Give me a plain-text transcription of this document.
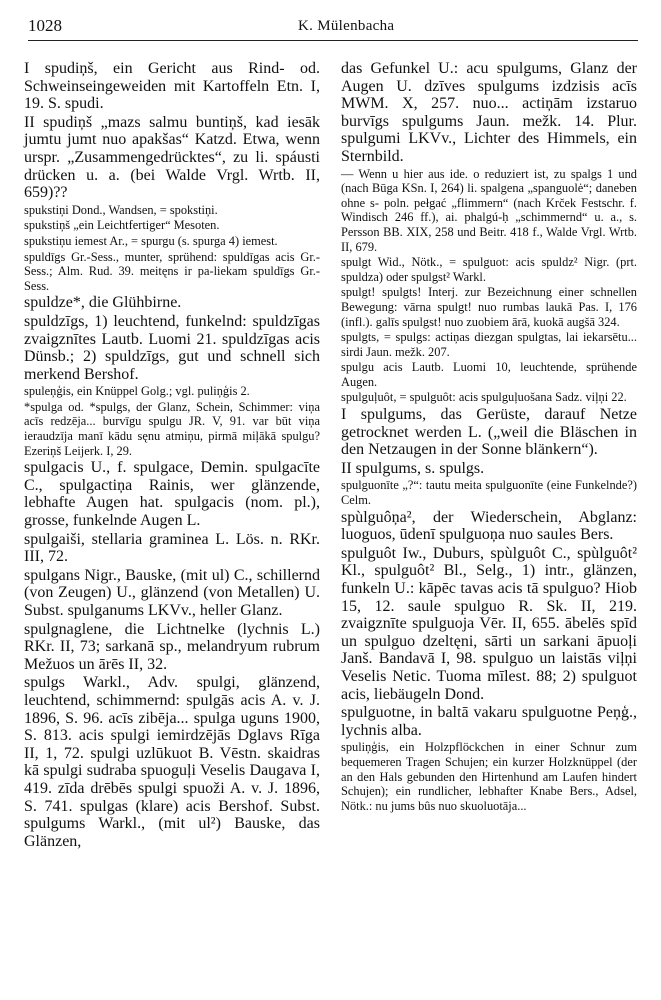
1028	K. Mülenbacha

I spudiņš, ein Gericht aus Rind- od. Schweinseingeweiden mit Kartoffeln Etn. I, 19. S. spudi.

II spudiņš „mazs salmu buntiņš, kad iesāk jumtu jumt nuo apakšas“ Katzd. Etwa, wenn urspr. „Zusammengedrücktes“, zu li. spáusti drücken u. a. (bei Walde Vrgl. Wrtb. II, 659)??

spukstiņi Dond., Wandsen, = spokstiņi.

spukstiņš „ein Leichtfertiger“ Mesoten.

spukstiņu iemest Ar., = spurgu (s. spurga 4) iemest.

spuldīgs Gr.-Sess., munter, sprühend: spuldīgas acis Gr.-Sess.; Alm. Rud. 39. meitęns ir pa-liekam spuldīgs Gr.-Sess.

spuldze*, die Glühbirne.

spuldzīgs, 1) leuchtend, funkelnd: spuldzīgas zvaigznītes Lautb. Luomi 21. spuldzīgas acis Dünsb.; 2) spuldzīgs, gut und schnell sich merkend Bershof.

spuleņģis, ein Knüppel Golg.; vgl. puliņģis 2.

*spulga od. *spulgs, der Glanz, Schein, Schimmer: viņa acīs redzēja... burvīgu spulgu JR. V, 91. var būt viņa ieraudzīja manī kādu sęnu atmiņu, pirmā miļākā spulgu? Ezeriņš Leijerk. I, 29.

spulgacis U., f. spulgace, Demin. spulgacīte C., spulgactiņa Rainis, wer glänzende, lebhafte Augen hat. spulgacis (nom. pl.), grosse, funkelnde Augen L.

spulgaiši, stellaria graminea L. Lös. n. RKr. III, 72.

spulgans Nigr., Bauske, (mit ul) C., schillernd (von Zeugen) U., glänzend (von Metallen) U. Subst. spulganums LKVv., heller Glanz.

spulgnaglene, die Lichtnelke (lychnis L.) RKr. II, 73; sarkanā sp., melandryum rubrum Mežuos un ārēs II, 32.

spulgs Warkl., Adv. spulgi, glänzend, leuchtend, schimmernd: spulgās acis A. v. J. 1896, S. 96. acīs zibēja... spulga uguns 1900, S. 813. acis spulgi iemirdzējās Dglavs Rīga II, 1, 72. spulgi uzlūkuot B. Vēstn. skaidras kā spulgi sudraba spuoguļi Veselis Daugava I, 419. zīda drēbēs spulgi spuoži A. v. J. 1896, S. 741. spulgas (klare) acis Bershof. Subst. spulgums Warkl., (mit ul²) Bauske, das Glänzen,

das Gefunkel U.: acu spulgums, Glanz der Augen U. dzīves spulgums izdzisis acīs MWM. X, 257. nuo... actiņām izstaruo burvīgs spulgums Jaun. mežk. 14. Plur. spulgumi LKVv., Lichter des Himmels, ein Sternbild.

— Wenn u hier aus ide. o reduziert ist, zu spalgs 1 und (nach Būga KSn. I, 264) li. spalgena „spanguolė“; daneben ohne s- poln. pełgać „flimmern“ (nach Krček Festschr. f. Windisch 246 ff.), ai. phalgú-ḥ „schimmernd“ u. a., s. Persson BB. XIX, 258 und Beitr. 418 f., Walde Vrgl. Wrtb. II, 679.

spulgt Wid., Nötk., = spulguot: acis spuldz² Nigr. (prt. spuldza) oder spulgst² Warkl.

spulgt! spulgts! Interj. zur Bezeichnung einer schnellen Bewegung: vārna spulgt! nuo rumbas laukā Pas. I, 176 (infl.). galīs spulgst! nuo zuobiem ārā, kuokā augšā 324.

spulgts, = spulgs: actiņas diezgan spulgtas, lai iekarsētu... sirdi Jaun. mežk. 207.

spulgu acis Lautb. Luomi 10, leuchtende, sprühende Augen.

spulguļuôt, = spulguôt: acis spulguļuošana Sadz. viļņi 22.

I spulgums, das Gerüste, darauf Netze getrocknet werden L. („weil die Bläschen in den Netzaugen in der Sonne blänkern“).

II spulgums, s. spulgs.

spulguonīte „?“: tautu meita spulguonīte (eine Funkelnde?) Celm.

spùlguôņa², der Wiederschein, Abglanz: luoguos, ūdenī spulguoņa nuo saules Bers.

spulguôt Iw., Duburs, spùlguôt C., spùlguôt² Kl., spulguôt² Bl., Selg., 1) intr., glänzen, funkeln U.: kāpēc tavas acis tā spulguo? Hiob 15, 12. saule spulguo R. Sk. II, 219. zvaigznīte spulguoja Vēr. II, 655. ābelēs spīd un spulguo dzeltęni, sārti un sarkani āpuoļi Janš. Bandavā I, 98. spulguo un laistās viļņi Veselis Netic. Tuoma mīlest. 88; 2) spulguot acis, liebäugeln Dond.

spulguotne, in baltā vakaru spulguotne Peņģ., lychnis alba.

spuliņģis, ein Holzpflöckchen in einer Schnur zum bequemeren Tragen Schujen; ein kurzer Holzknüppel (der an den Hals gebunden den Hirtenhund am Laufen hindert Schujen); ein rundlicher, lebhafter Knabe Bers., Adsel, Nötk.: nu jums bûs nuo skuoluotāja...
